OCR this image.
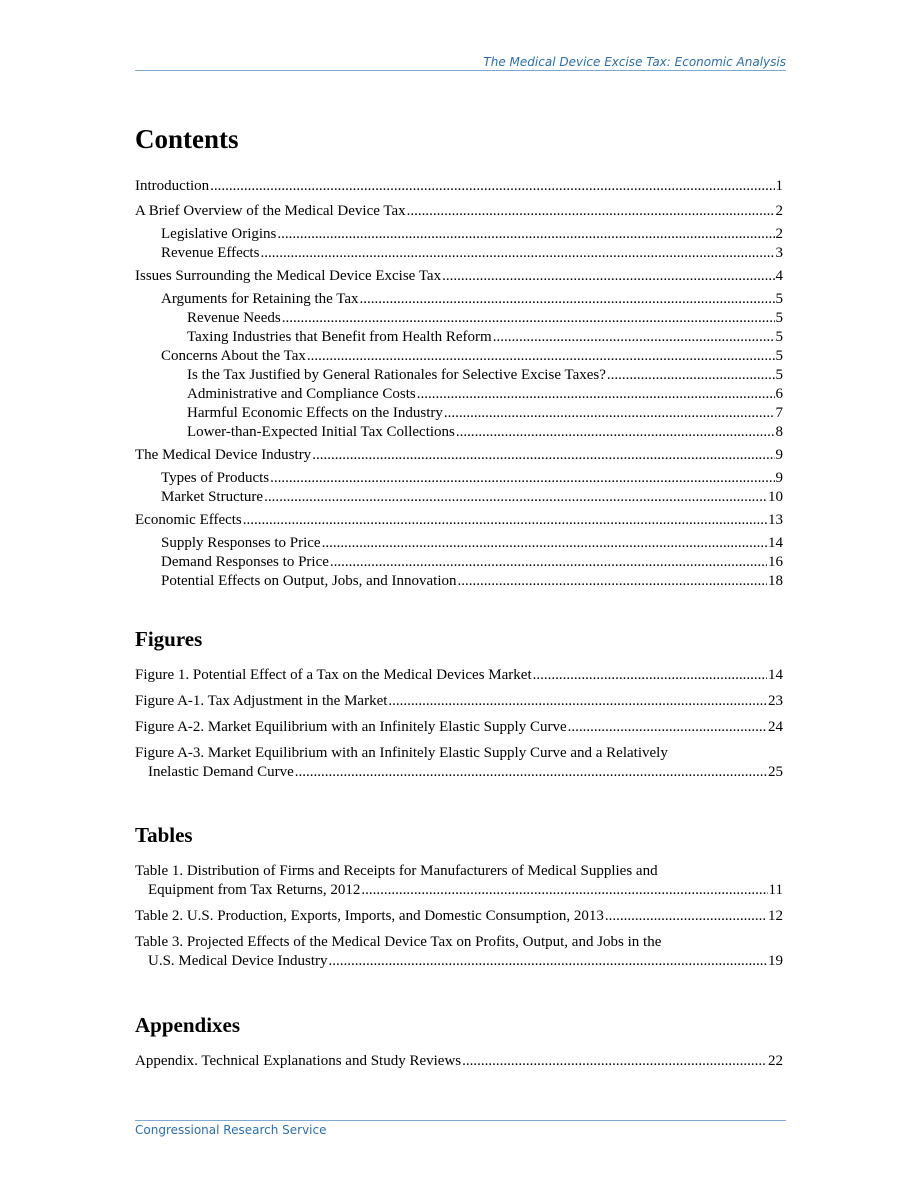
The Medical Device Excise Tax: Economic Analysis
Contents
Introduction .....	1
A Brief Overview of the Medical Device Tax .....	2
Legislative Origins .....	2
Revenue Effects .....	3
Issues Surrounding the Medical Device Excise Tax .....	4
Arguments for Retaining the Tax .....	5
Revenue Needs .....	5
Taxing Industries that Benefit from Health Reform .....	5
Concerns About the Tax .....	5
Is the Tax Justified by General Rationales for Selective Excise Taxes? .....	5
Administrative and Compliance Costs .....	6
Harmful Economic Effects on the Industry .....	7
Lower-than-Expected Initial Tax Collections .....	8
The Medical Device Industry .....	9
Types of Products .....	9
Market Structure .....	10
Economic Effects .....	13
Supply Responses to Price .....	14
Demand Responses to Price .....	16
Potential Effects on Output, Jobs, and Innovation .....	18
Figures
Figure 1. Potential Effect of a Tax on the Medical Devices Market .....	14
Figure A-1. Tax Adjustment in the Market .....	23
Figure A-2. Market Equilibrium with an Infinitely Elastic Supply Curve .....	24
Figure A-3. Market Equilibrium with an Infinitely Elastic Supply Curve and a Relatively
Inelastic Demand Curve .....	25
Tables
Table 1. Distribution of Firms and Receipts for Manufacturers of Medical Supplies and
Equipment from Tax Returns, 2012 .....	11
Table 2. U.S. Production, Exports, Imports, and Domestic Consumption, 2013 .....	12
Table 3. Projected Effects of the Medical Device Tax on Profits, Output, and Jobs in the
U.S. Medical Device Industry .....	19
Appendixes
Appendix. Technical Explanations and Study Reviews .....	22
Congressional Research Service
